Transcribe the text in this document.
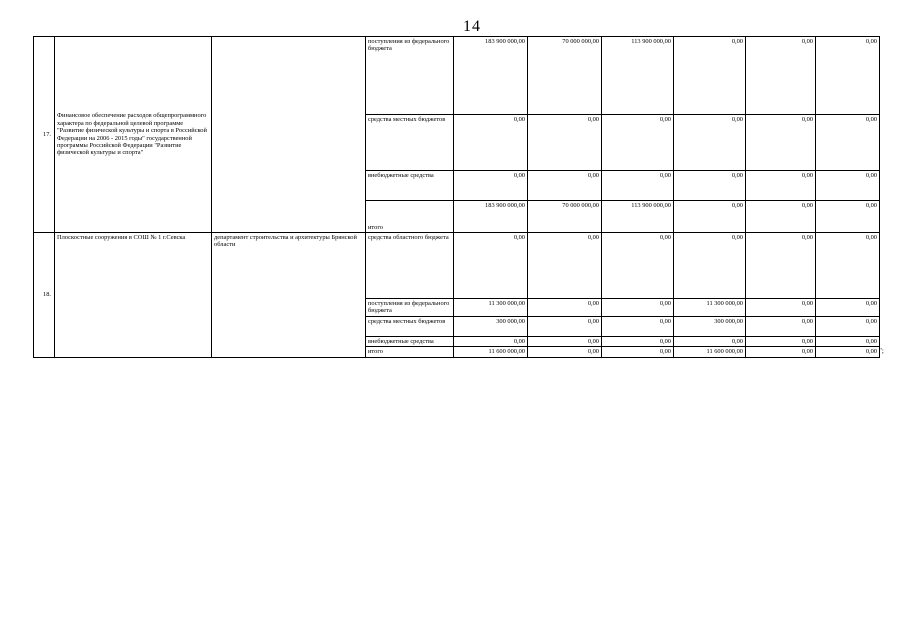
14
17.	Финансовое обеспечение расходов общепрограммного характера по федеральной целевой программе "Развитие физической культуры и спорта в Российской Федерации на 2006 - 2015 годы" государственной программы Российской Федерации "Развитие физической культуры и спорта"		поступления из федерального бюджета	183 900 000,00	70 000 000,00	113 900 000,00	0,00	0,00	0,00
			средства местных бюджетов	0,00	0,00	0,00	0,00	0,00	0,00
			внебюджетные средства	0,00	0,00	0,00	0,00	0,00	0,00
			итого	183 900 000,00	70 000 000,00	113 900 000,00	0,00	0,00	0,00
18.	Плоскостные сооружения в СОШ № 1 г.Севска	департамент строительства и архитектуры Брянской области	средства областного бюджета	0,00	0,00	0,00	0,00	0,00	0,00
			поступления из федерального бюджета	11 300 000,00	0,00	0,00	11 300 000,00	0,00	0,00
			средства местных бюджетов	300 000,00	0,00	0,00	300 000,00	0,00	0,00
			внебюджетные средства	0,00	0,00	0,00	0,00	0,00	0,00
			итого	11 600 000,00	0,00	0,00	11 600 000,00	0,00	0,00 ";
